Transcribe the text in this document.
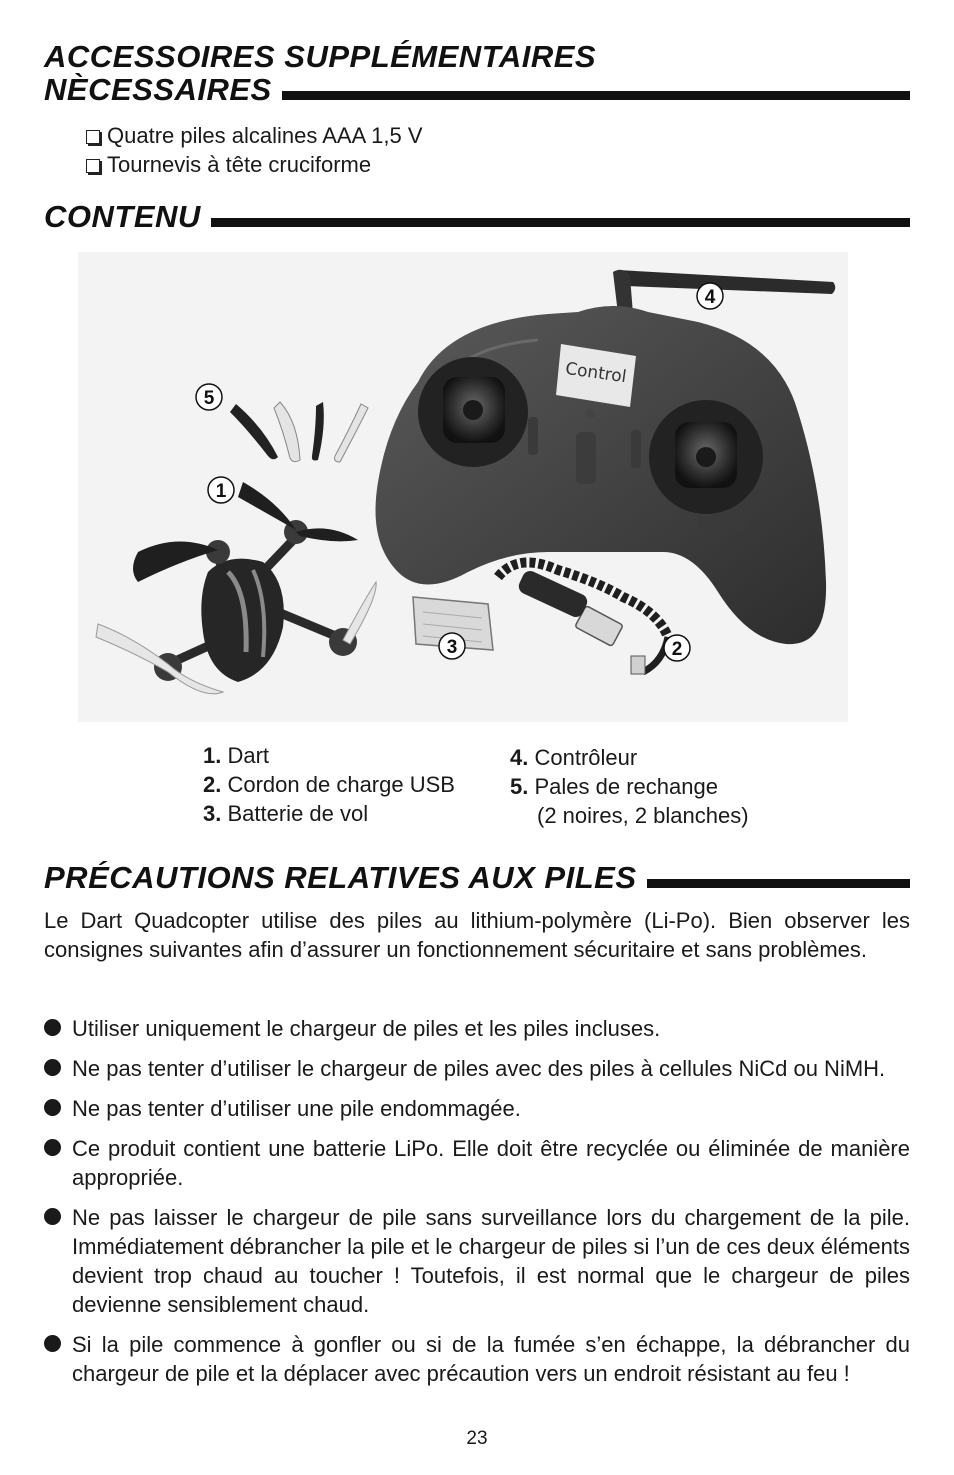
ACCESSOIRES SUPPLÉMENTAIRES
NÈCESSAIRES
Quatre piles alcalines AAA 1,5 V
Tournevis à tête cruciforme
CONTENU
Control
1
2
3
4
5
1. Dart
2. Cordon de charge USB
3. Batterie de vol
4. Contrôleur
5. Pales de rechange
(2 noires, 2 blanches)
PRÉCAUTIONS RELATIVES AUX PILES
Le Dart Quadcopter utilise des piles au lithium-polymère (Li-Po). Bien observer les consignes suivantes afin d’assurer un fonctionnement sécuritaire et sans problèmes.
Utiliser uniquement le chargeur de piles et les piles incluses.
Ne pas tenter d’utiliser le chargeur de piles avec des piles à cellules NiCd ou NiMH.
Ne pas tenter d’utiliser une pile endommagée.
Ce produit contient une batterie LiPo. Elle doit être recyclée ou éliminée de manière appropriée.
Ne pas laisser le chargeur de pile sans surveillance lors du chargement de la pile. Immédiatement débrancher la pile et le chargeur de piles si l’un de ces deux éléments devient trop chaud au toucher ! Toutefois, il est normal que le chargeur de piles devienne sensiblement chaud.
Si la pile commence à gonfler ou si de la fumée s’en échappe, la débrancher du chargeur de pile et la déplacer avec précaution vers un endroit résistant au feu !
23
